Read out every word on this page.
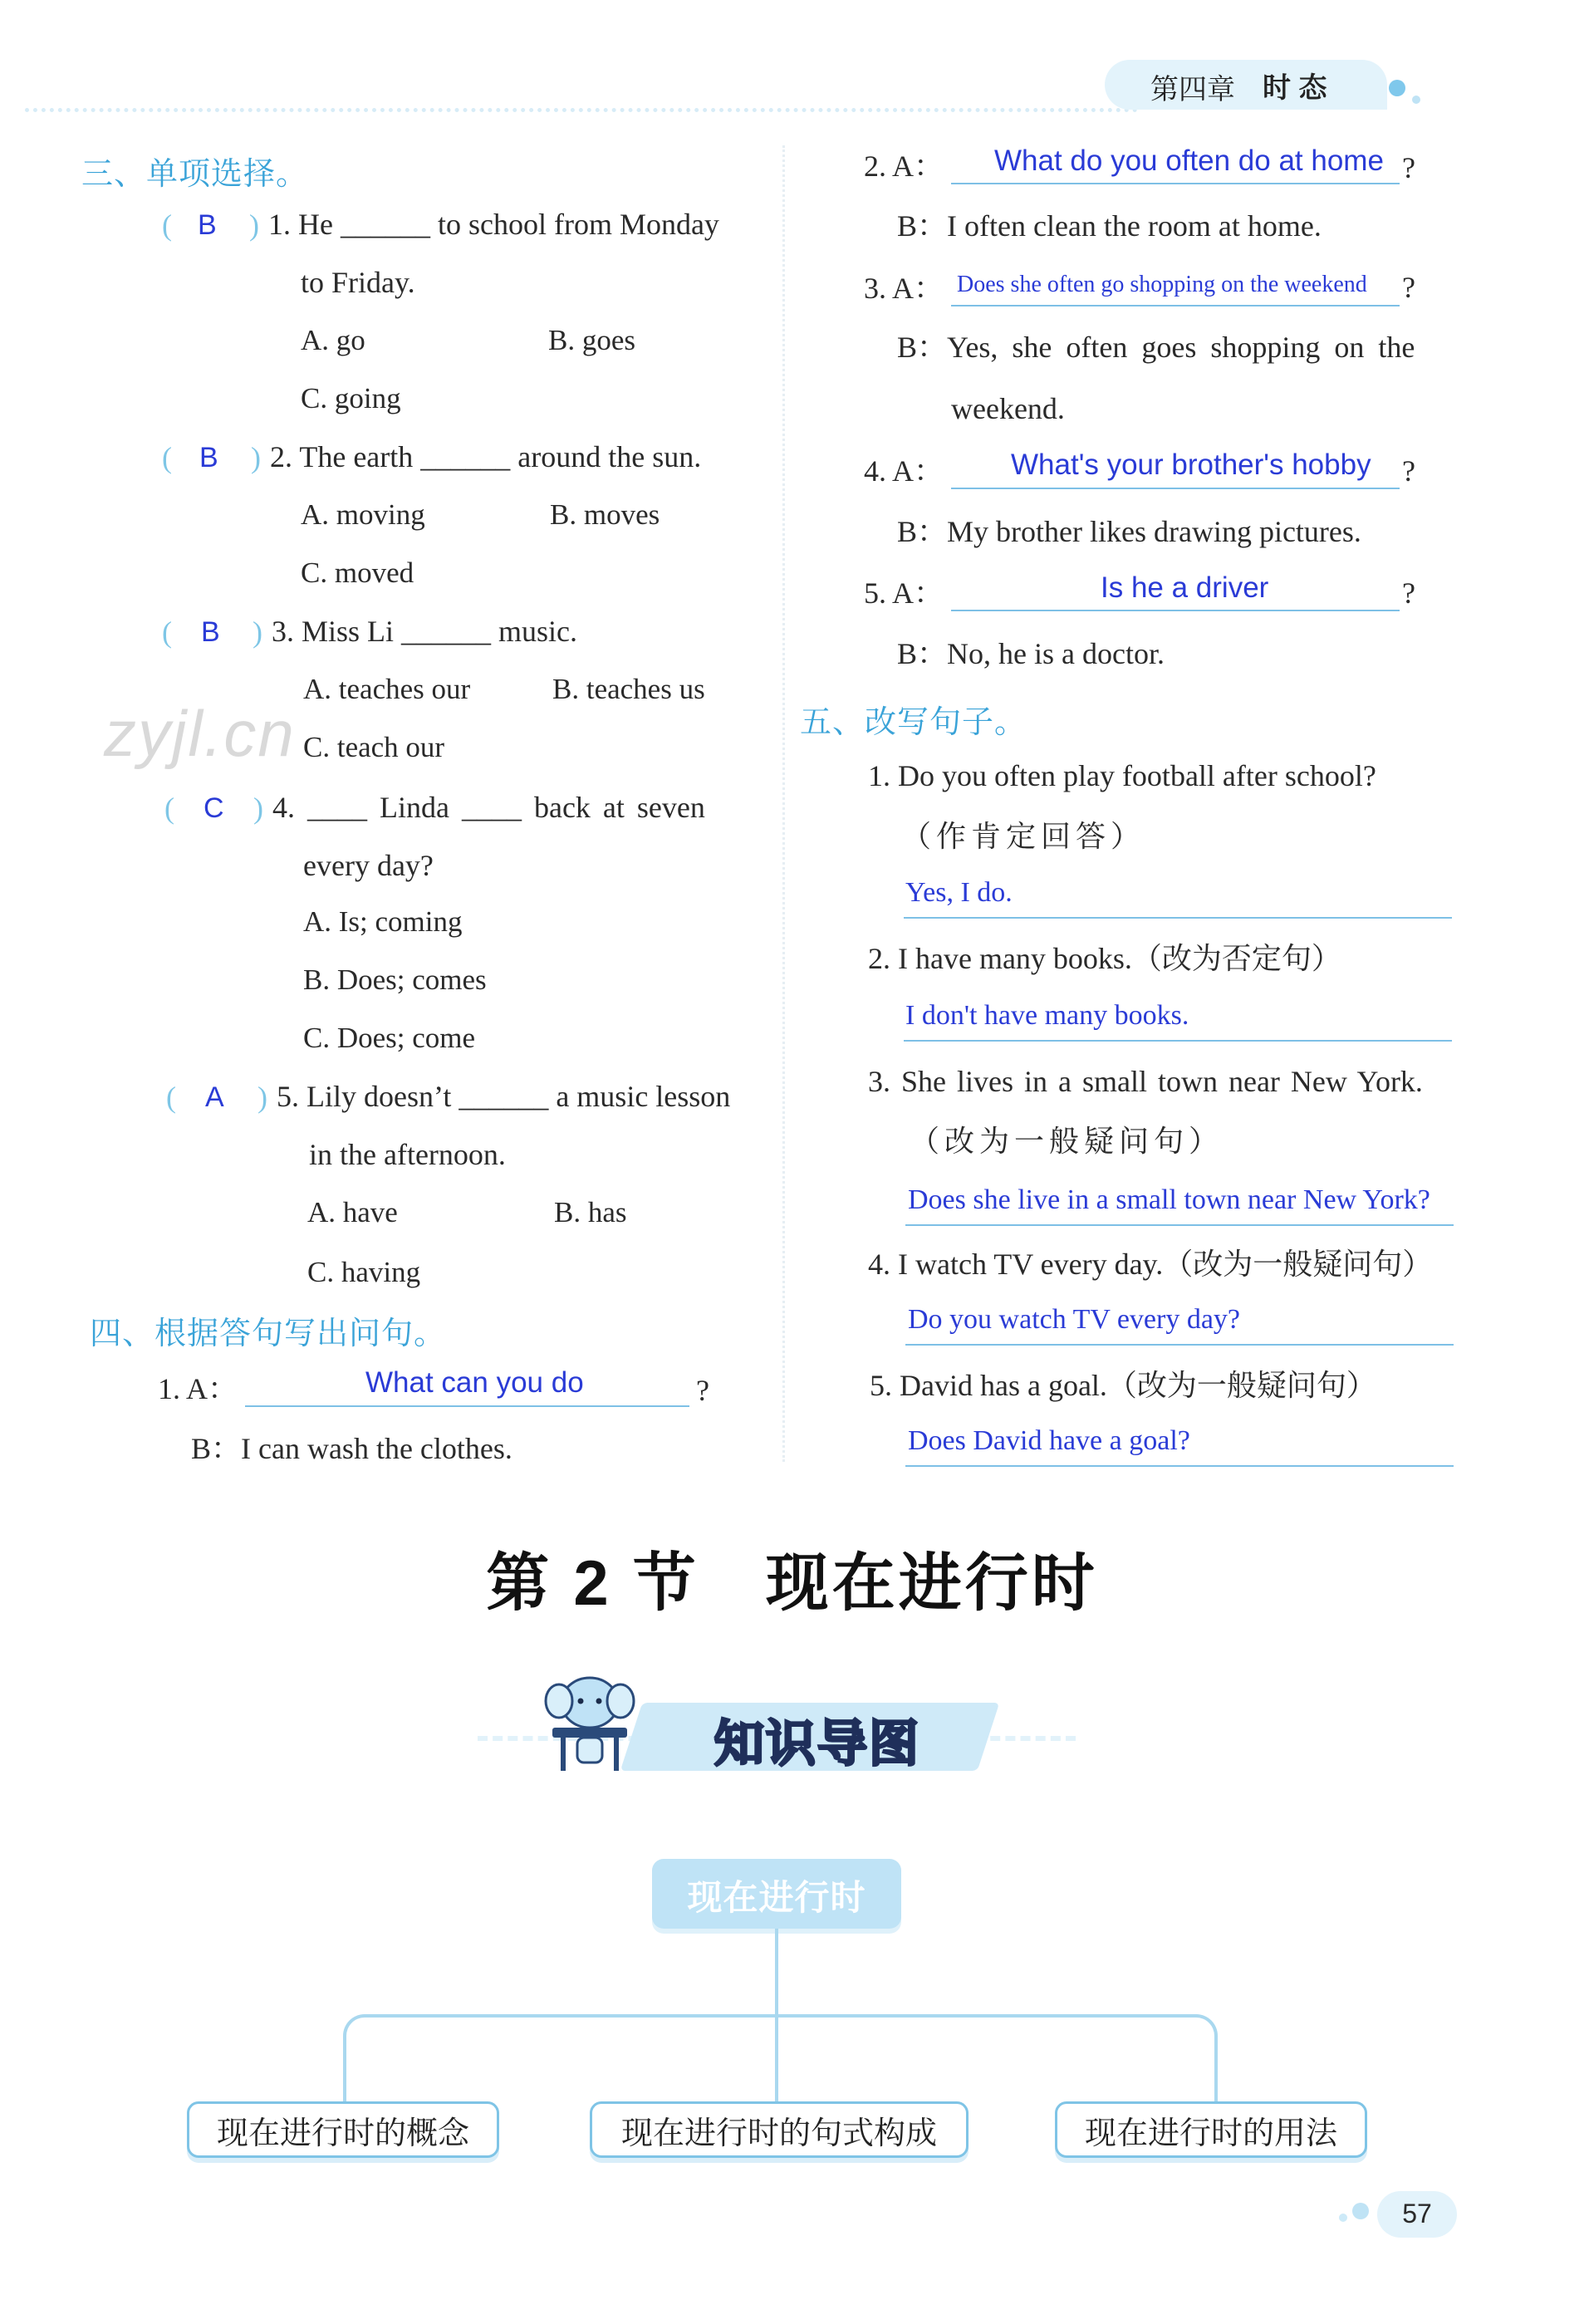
第四章 时 态
zyjl.cn
三、单项选择。
( B ) 1. He ______ to school from Monday
to Friday.
A. go	B. goes
C. going
( B ) 2. The earth ______ around the sun.
A. moving	B. moves
C. moved
( B ) 3. Miss Li ______ music.
A. teaches our	B. teaches us
C. teach our
( C ) 4. ____ Linda ____ back at seven
every day?
A. Is; coming
B. Does; comes
C. Does; come
( A ) 5. Lily doesn’t ______ a music lesson
in the afternoon.
A. have	B. has
C. having
四、根据答句写出问句。
1. A：	What can you do	?
B：I can wash the clothes.
2. A： What do you often do at home ?
B：I often clean the room at home.
3. A： Does she often go shopping on the weekend ?
B：Yes, she often goes shopping on the
weekend.
4. A： What's your brother's hobby ?
B：My brother likes drawing pictures.
5. A：	Is he a driver	?
B：No, he is a doctor.
五、改写句子。
1. Do you often play football after school?
（作肯定回答）
Yes, I do.
2. I have many books.（改为否定句）
I don't have many books.
3. She lives in a small town near New York.
（改为一般疑问句）
Does she live in a small town near New York?
4. I watch TV every day.（改为一般疑问句）
Do you watch TV every day?
5. David has a goal.（改为一般疑问句）
Does David have a goal?
第 2 节　现在进行时
知识导图
现在进行时
现在进行时的概念	现在进行时的句式构成	现在进行时的用法
57
